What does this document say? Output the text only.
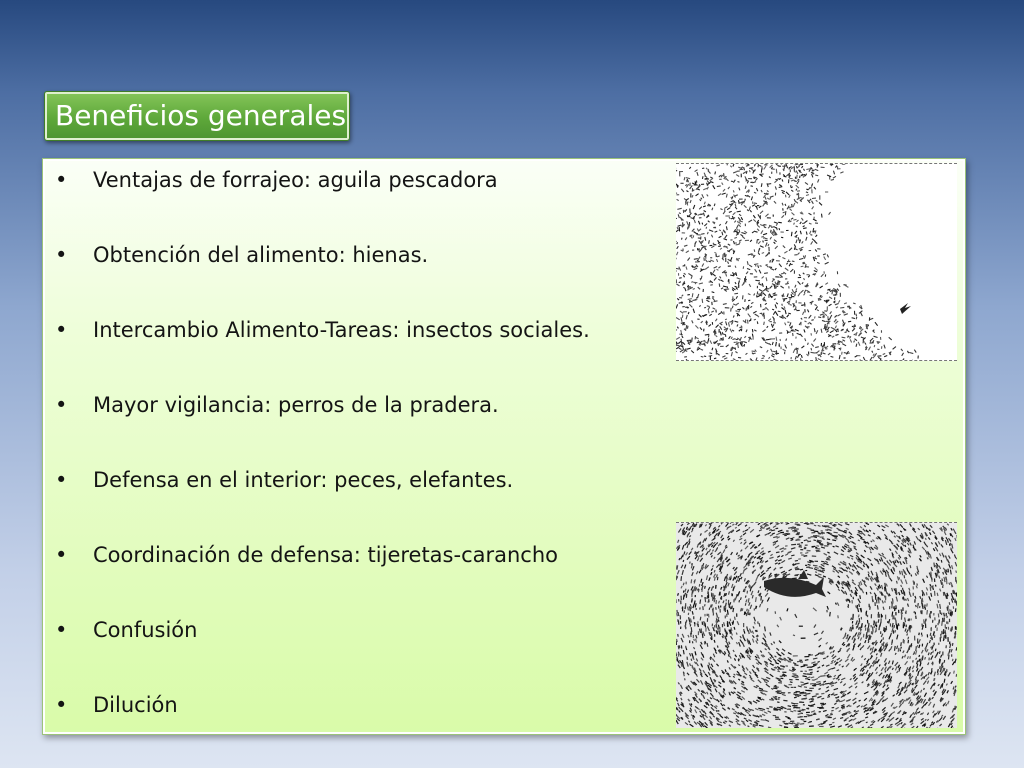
Beneficios generales
• Ventajas de forrajeo: aguila pescadora
• Obtención del alimento: hienas.
• Intercambio Alimento-Tareas: insectos sociales.
• Mayor vigilancia: perros de la pradera.
• Defensa en el interior: peces, elefantes.
• Coordinación de defensa: tijeretas-carancho
• Confusión
• Dilución
